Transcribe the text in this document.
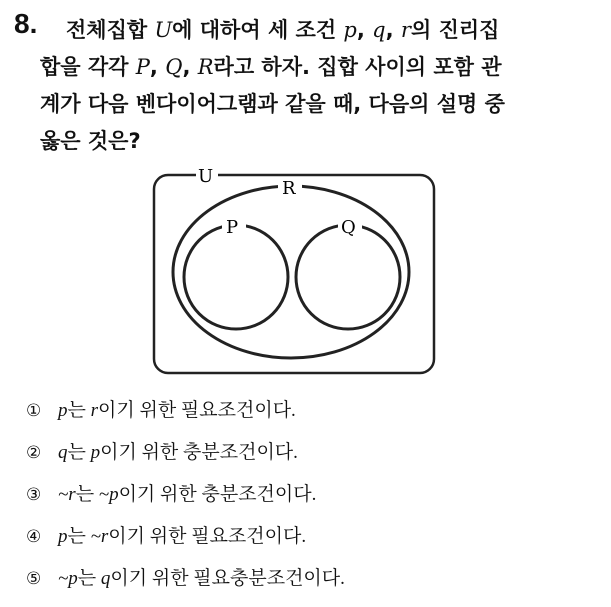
8. 전체집합 U에 대하여 세 조건 p, q, r의 진리집
합을 각각 P, Q, R라고 하자. 집합 사이의 포함 관
계가 다음 벤다이어그램과 같을 때, 다음의 설명 중
옳은 것은?
U
R
P	Q
① p는 r이기 위한 필요조건이다.
② q는 p이기 위한 충분조건이다.
③ ~r는 ~p이기 위한 충분조건이다.
④ p는 ~r이기 위한 필요조건이다.
⑤ ~p는 q이기 위한 필요충분조건이다.
